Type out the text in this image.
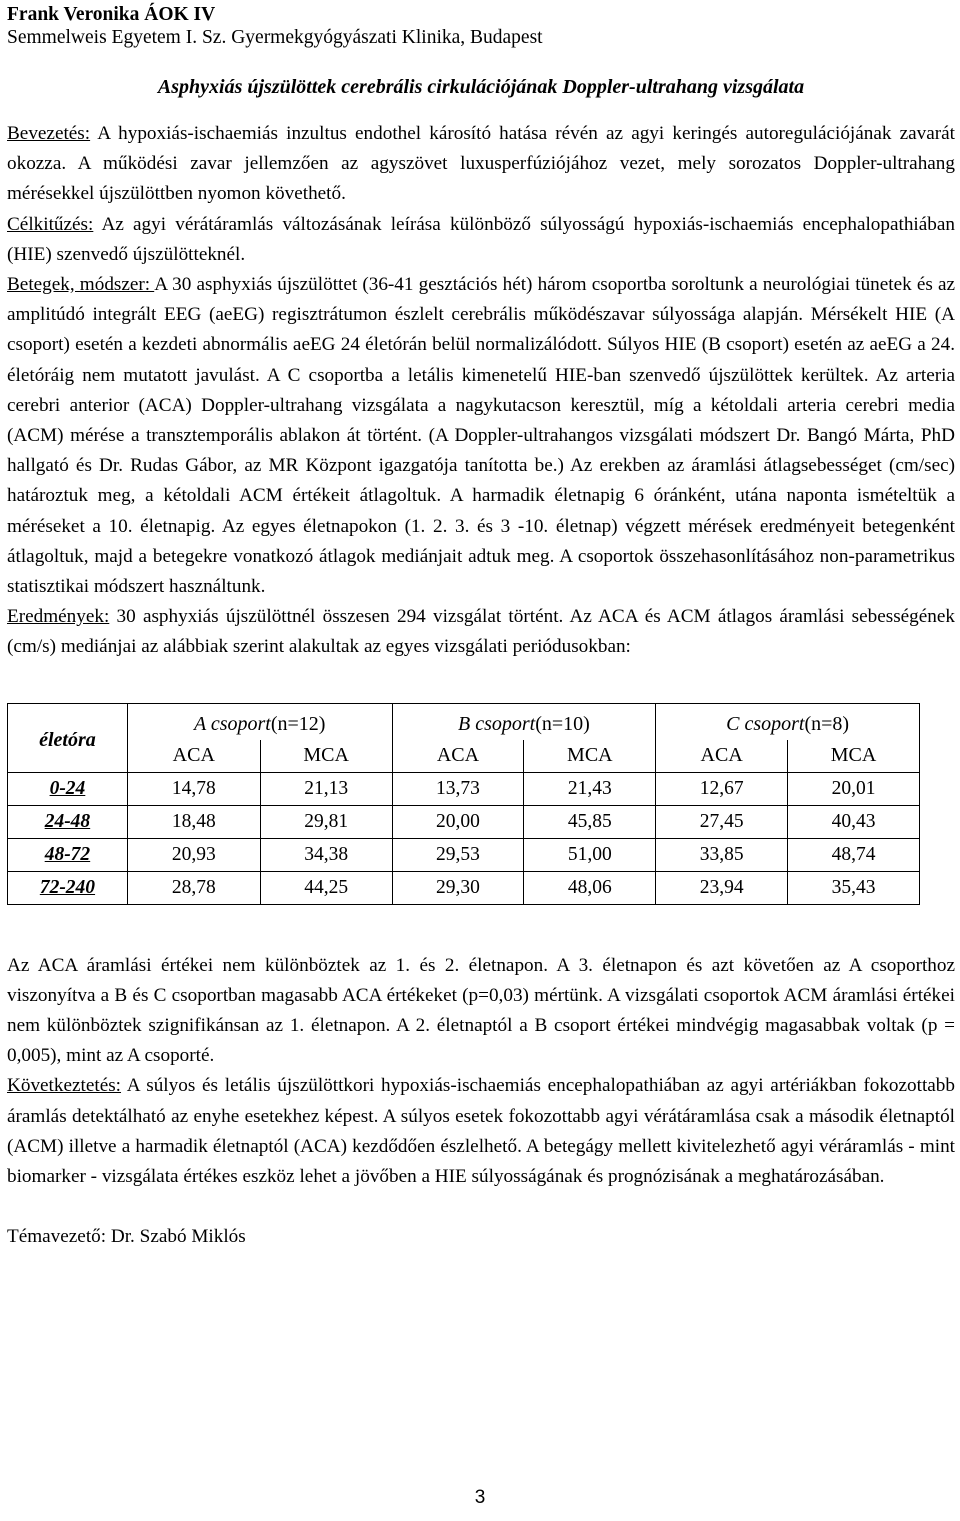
Frank Veronika ÁOK IV
Semmelweis Egyetem I. Sz. Gyermekgyógyászati Klinika, Budapest
Asphyxiás újszülöttek cerebrális cirkulációjának Doppler-ultrahang vizsgálata

Bevezetés: A hypoxiás-ischaemiás inzultus endothel károsító hatása révén az agyi keringés autoregulációjának zavarát okozza. A működési zavar jellemzően az agyszövet luxusperfúziójához vezet, mely sorozatos Doppler-ultrahang mérésekkel újszülöttben nyomon követhető.

Célkitűzés: Az agyi vérátáramlás változásának leírása különböző súlyosságú hypoxiás-ischaemiás encephalopathiában (HIE) szenvedő újszülötteknél.

Betegek, módszer: A 30 asphyxiás újszülöttet (36-41 gesztációs hét) három csoportba soroltunk a neurológiai tünetek és az amplitúdó integrált EEG (aeEG) regisztrátumon észlelt cerebrális működészavar súlyossága alapján. Mérsékelt HIE (A csoport) esetén a kezdeti abnormális aeEG 24 életórán belül normalizálódott. Súlyos HIE (B csoport) esetén az aeEG a 24. életóráig nem mutatott javulást. A C csoportba a letális kimenetelű HIE-ban szenvedő újszülöttek kerültek. Az arteria cerebri anterior (ACA) Doppler-ultrahang vizsgálata a nagykutacson keresztül, míg a kétoldali arteria cerebri media (ACM) mérése a transztemporális ablakon át történt. (A Doppler-ultrahangos vizsgálati módszert Dr. Bangó Márta, PhD hallgató és Dr. Rudas Gábor, az MR Központ igazgatója tanította be.) Az erekben az áramlási átlagsebességet (cm/sec) határoztuk meg, a kétoldali ACM értékeit átlagoltuk. A harmadik életnapig 6 óránként, utána naponta ismételtük a méréseket a 10. életnapig. Az egyes életnapokon (1. 2. 3. és 3 -10. életnap) végzett mérések eredményeit betegenként átlagoltuk, majd a betegekre vonatkozó átlagok mediánjait adtuk meg. A csoportok összehasonlításához non-parametrikus statisztikai módszert használtunk.

Eredmények: 30 asphyxiás újszülöttnél összesen 294 vizsgálat történt. Az ACA és ACM átlagos áramlási sebességének (cm/s) mediánjai az alábbiak szerint alakultak az egyes vizsgálati periódusokban:

életóra	A csoport(n=12)		B csoport(n=10)		C csoport(n=8)	
	ACA	MCA	ACA	MCA	ACA	MCA
0-24	14,78	21,13	13,73	21,43	12,67	20,01
24-48	18,48	29,81	20,00	45,85	27,45	40,43
48-72	20,93	34,38	29,53	51,00	33,85	48,74
72-240	28,78	44,25	29,30	48,06	23,94	35,43

Az ACA áramlási értékei nem különböztek az 1. és 2. életnapon. A 3. életnapon és azt követően az A csoporthoz viszonyítva a B és C csoportban magasabb ACA értékeket (p=0,03) mértünk. A vizsgálati csoportok ACM áramlási értékei nem különböztek szignifikánsan az 1. életnapon. A 2. életnaptól a B csoport értékei mindvégig magasabbak voltak (p = 0,005), mint az A csoporté.

Következtetés: A súlyos és letális újszülöttkori hypoxiás-ischaemiás encephalopathiában az agyi artériákban fokozottabb áramlás detektálható az enyhe esetekhez képest. A súlyos esetek fokozottabb agyi vérátáramlása csak a második életnaptól (ACM) illetve a harmadik életnaptól (ACA) kezdődően észlelhető. A betegágy mellett kivitelezhető agyi véráramlás - mint biomarker - vizsgálata értékes eszköz lehet a jövőben a HIE súlyosságának és prognózisának a meghatározásában.

Témavezető: Dr. Szabó Miklós
3
